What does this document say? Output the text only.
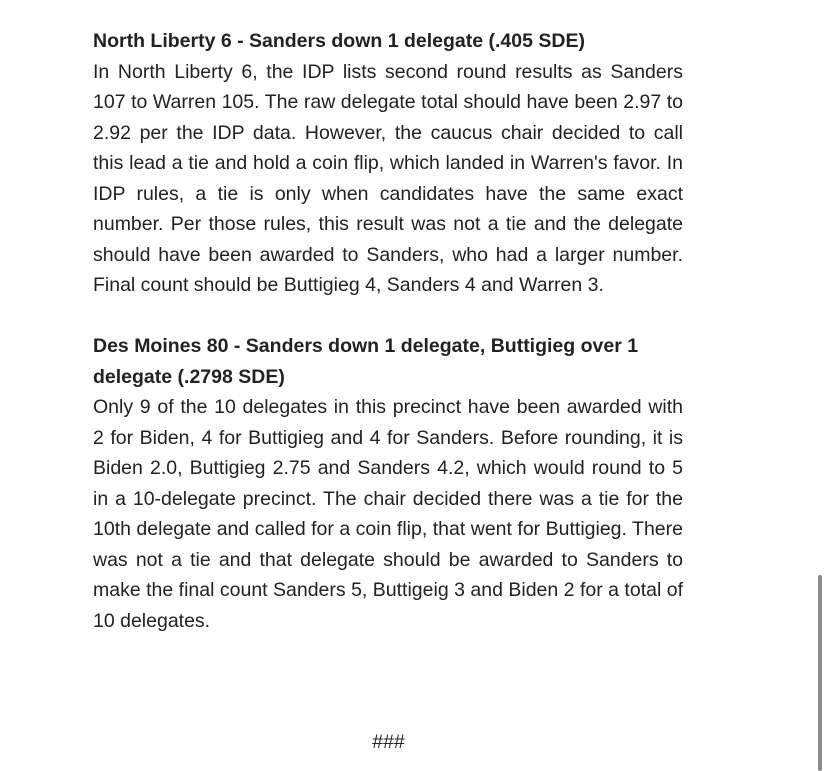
North Liberty 6 - Sanders down 1 delegate (.405 SDE)

In North Liberty 6, the IDP lists second round results as Sanders 107 to Warren 105. The raw delegate total should have been 2.97 to 2.92 per the IDP data. However, the caucus chair decided to call this lead a tie and hold a coin flip, which landed in Warren's favor. In IDP rules, a tie is only when candidates have the same exact number. Per those rules, this result was not a tie and the delegate should have been awarded to Sanders, who had a larger number. Final count should be Buttigieg 4, Sanders 4 and Warren 3.

Des Moines 80 - Sanders down 1 delegate, Buttigieg over 1 delegate (.2798 SDE)

Only 9 of the 10 delegates in this precinct have been awarded with 2 for Biden, 4 for Buttigieg and 4 for Sanders. Before rounding, it is Biden 2.0, Buttigieg 2.75 and Sanders 4.2, which would round to 5 in a 10-delegate precinct. The chair decided there was a tie for the 10th delegate and called for a coin flip, that went for Buttigieg. There was not a tie and that delegate should be awarded to Sanders to make the final count Sanders 5, Buttigeig 3 and Biden 2 for a total of 10 delegates.

###
